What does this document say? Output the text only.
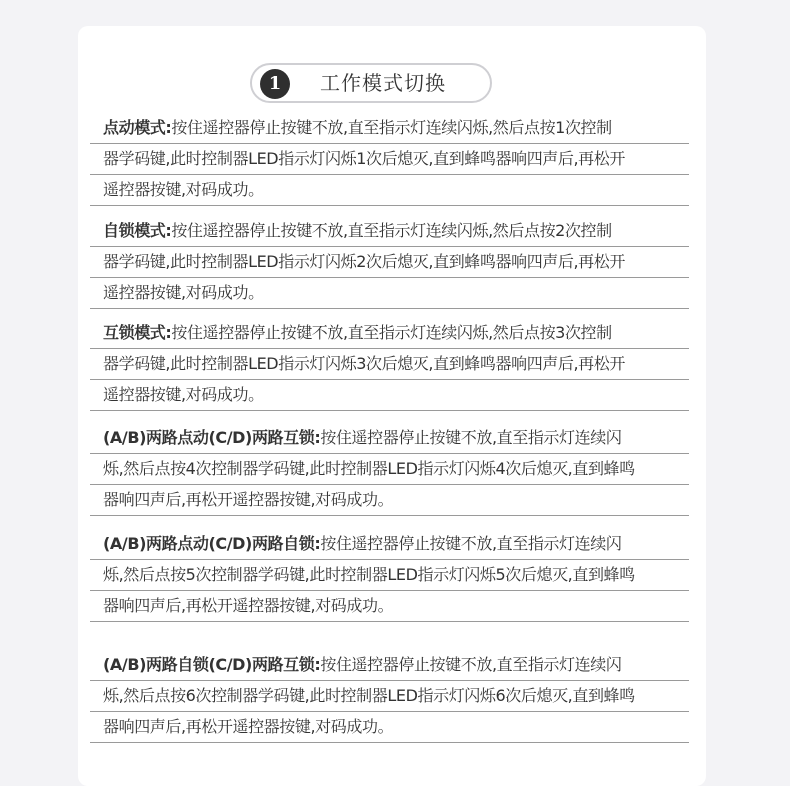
1	工作模式切换
点动模式:按住遥控器停止按键不放,直至指示灯连续闪烁,然后点按1次控制
器学码键,此时控制器LED指示灯闪烁1次后熄灭,直到蜂鸣器响四声后,再松开
遥控器按键,对码成功。
自锁模式:按住遥控器停止按键不放,直至指示灯连续闪烁,然后点按2次控制
器学码键,此时控制器LED指示灯闪烁2次后熄灭,直到蜂鸣器响四声后,再松开
遥控器按键,对码成功。
互锁模式:按住遥控器停止按键不放,直至指示灯连续闪烁,然后点按3次控制
器学码键,此时控制器LED指示灯闪烁3次后熄灭,直到蜂鸣器响四声后,再松开
遥控器按键,对码成功。
(A/B)两路点动(C/D)两路互锁:按住遥控器停止按键不放,直至指示灯连续闪
烁,然后点按4次控制器学码键,此时控制器LED指示灯闪烁4次后熄灭,直到蜂鸣
器响四声后,再松开遥控器按键,对码成功。
(A/B)两路点动(C/D)两路自锁:按住遥控器停止按键不放,直至指示灯连续闪
烁,然后点按5次控制器学码键,此时控制器LED指示灯闪烁5次后熄灭,直到蜂鸣
器响四声后,再松开遥控器按键,对码成功。
(A/B)两路自锁(C/D)两路互锁:按住遥控器停止按键不放,直至指示灯连续闪
烁,然后点按6次控制器学码键,此时控制器LED指示灯闪烁6次后熄灭,直到蜂鸣
器响四声后,再松开遥控器按键,对码成功。
